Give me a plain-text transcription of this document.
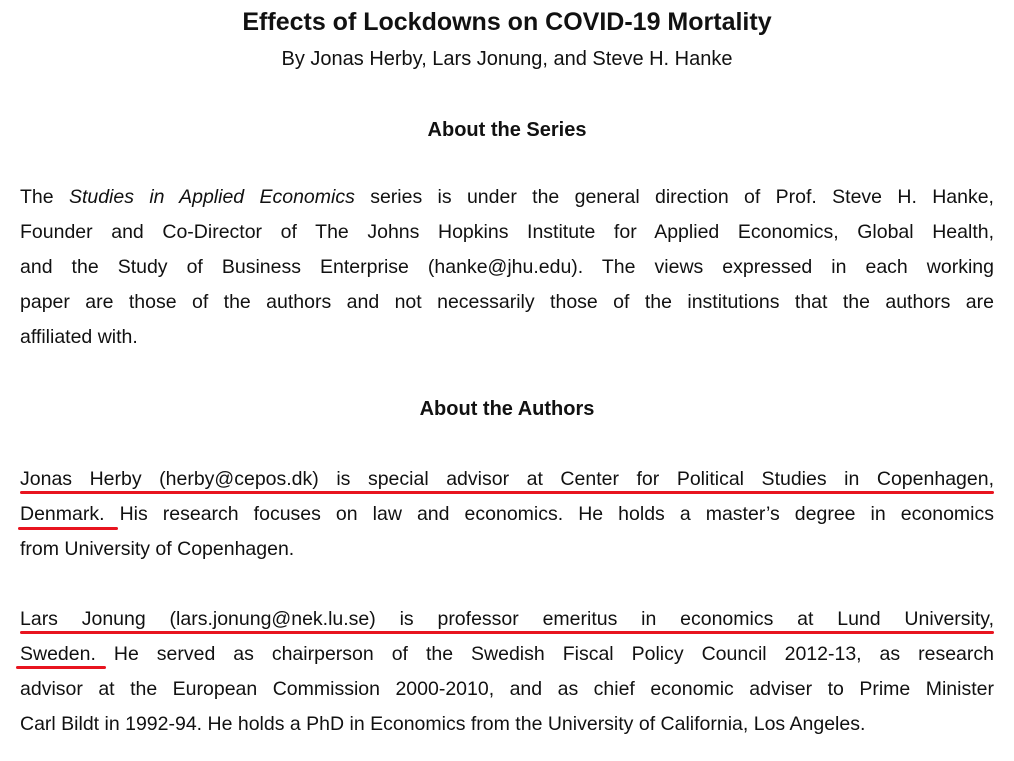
Effects of Lockdowns on COVID-19 Mortality
By Jonas Herby, Lars Jonung, and Steve H. Hanke
About the Series
The Studies in Applied Economics series is under the general direction of Prof. Steve H. Hanke,
Founder and Co-Director of The Johns Hopkins Institute for Applied Economics, Global Health,
and the Study of Business Enterprise (hanke@jhu.edu). The views expressed in each working
paper are those of the authors and not necessarily those of the institutions that the authors are
affiliated with.
About the Authors
Jonas Herby (herby@cepos.dk) is special advisor at Center for Political Studies in Copenhagen,
Denmark. His research focuses on law and economics. He holds a master’s degree in economics
from University of Copenhagen.
Lars Jonung (lars.jonung@nek.lu.se) is professor emeritus in economics at Lund University,
Sweden. He served as chairperson of the Swedish Fiscal Policy Council 2012-13, as research
advisor at the European Commission 2000-2010, and as chief economic adviser to Prime Minister
Carl Bildt in 1992-94. He holds a PhD in Economics from the University of California, Los Angeles.
